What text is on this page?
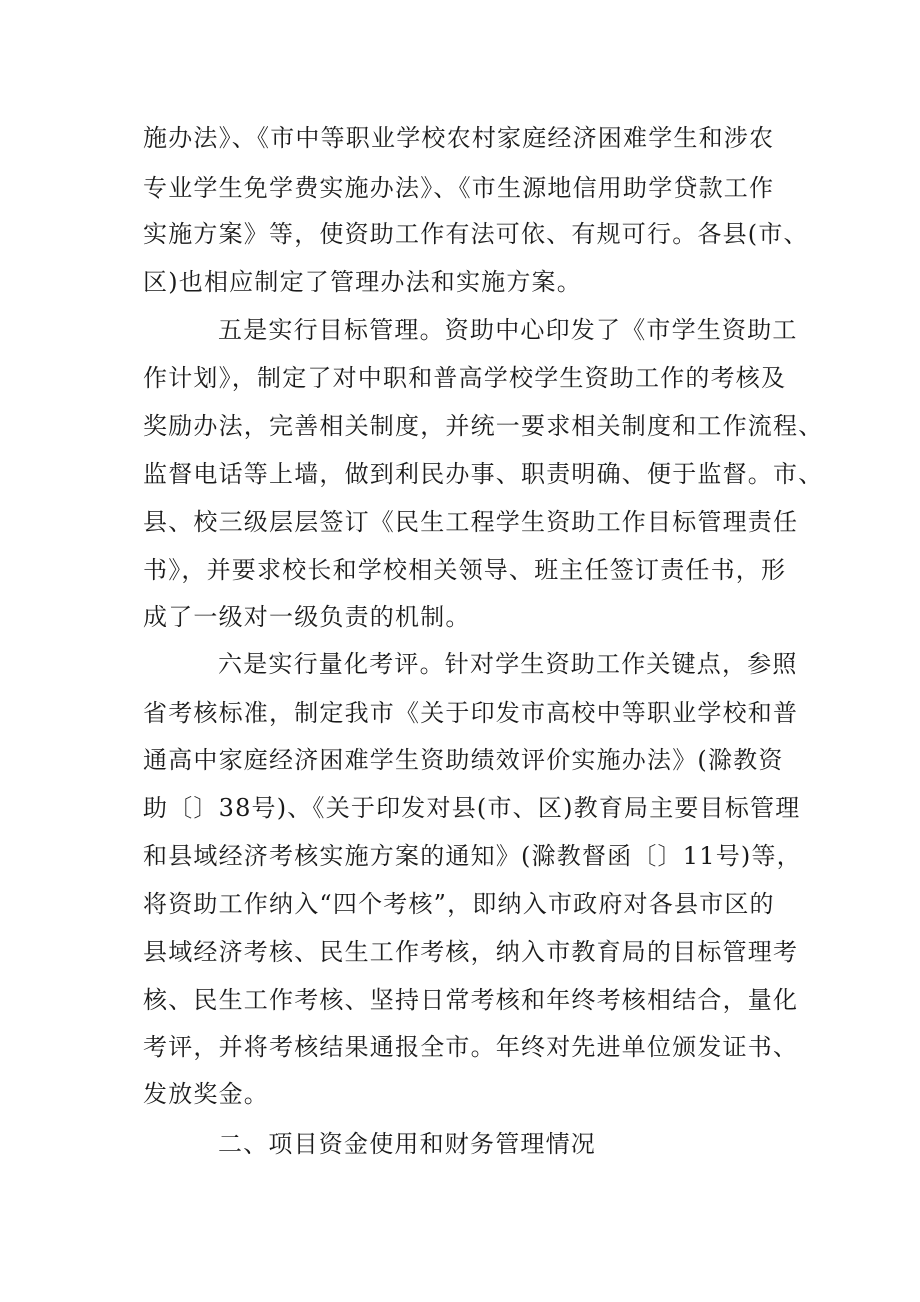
施办法》、《市中等职业学校农村家庭经济困难学生和涉农

专业学生免学费实施办法》、《市生源地信用助学贷款工作

实施方案》等，使资助工作有法可依、有规可行。各县(市、

区)也相应制定了管理办法和实施方案。

五是实行目标管理。资助中心印发了《市学生资助工

作计划》，制定了对中职和普高学校学生资助工作的考核及

奖励办法，完善相关制度，并统一要求相关制度和工作流程、

监督电话等上墙，做到利民办事、职责明确、便于监督。市、

县、校三级层层签订《民生工程学生资助工作目标管理责任

书》，并要求校长和学校相关领导、班主任签订责任书，形

成了一级对一级负责的机制。

六是实行量化考评。针对学生资助工作关键点，参照

省考核标准，制定我市《关于印发市高校中等职业学校和普

通高中家庭经济困难学生资助绩效评价实施办法》(滁教资

助〔〕38号)、《关于印发对县(市、区)教育局主要目标管理

和县域经济考核实施方案的通知》(滁教督函〔〕11号)等，

将资助工作纳入“四个考核”，即纳入市政府对各县市区的

县域经济考核、民生工作考核，纳入市教育局的目标管理考

核、民生工作考核、坚持日常考核和年终考核相结合，量化

考评，并将考核结果通报全市。年终对先进单位颁发证书、

发放奖金。

二、项目资金使用和财务管理情况
